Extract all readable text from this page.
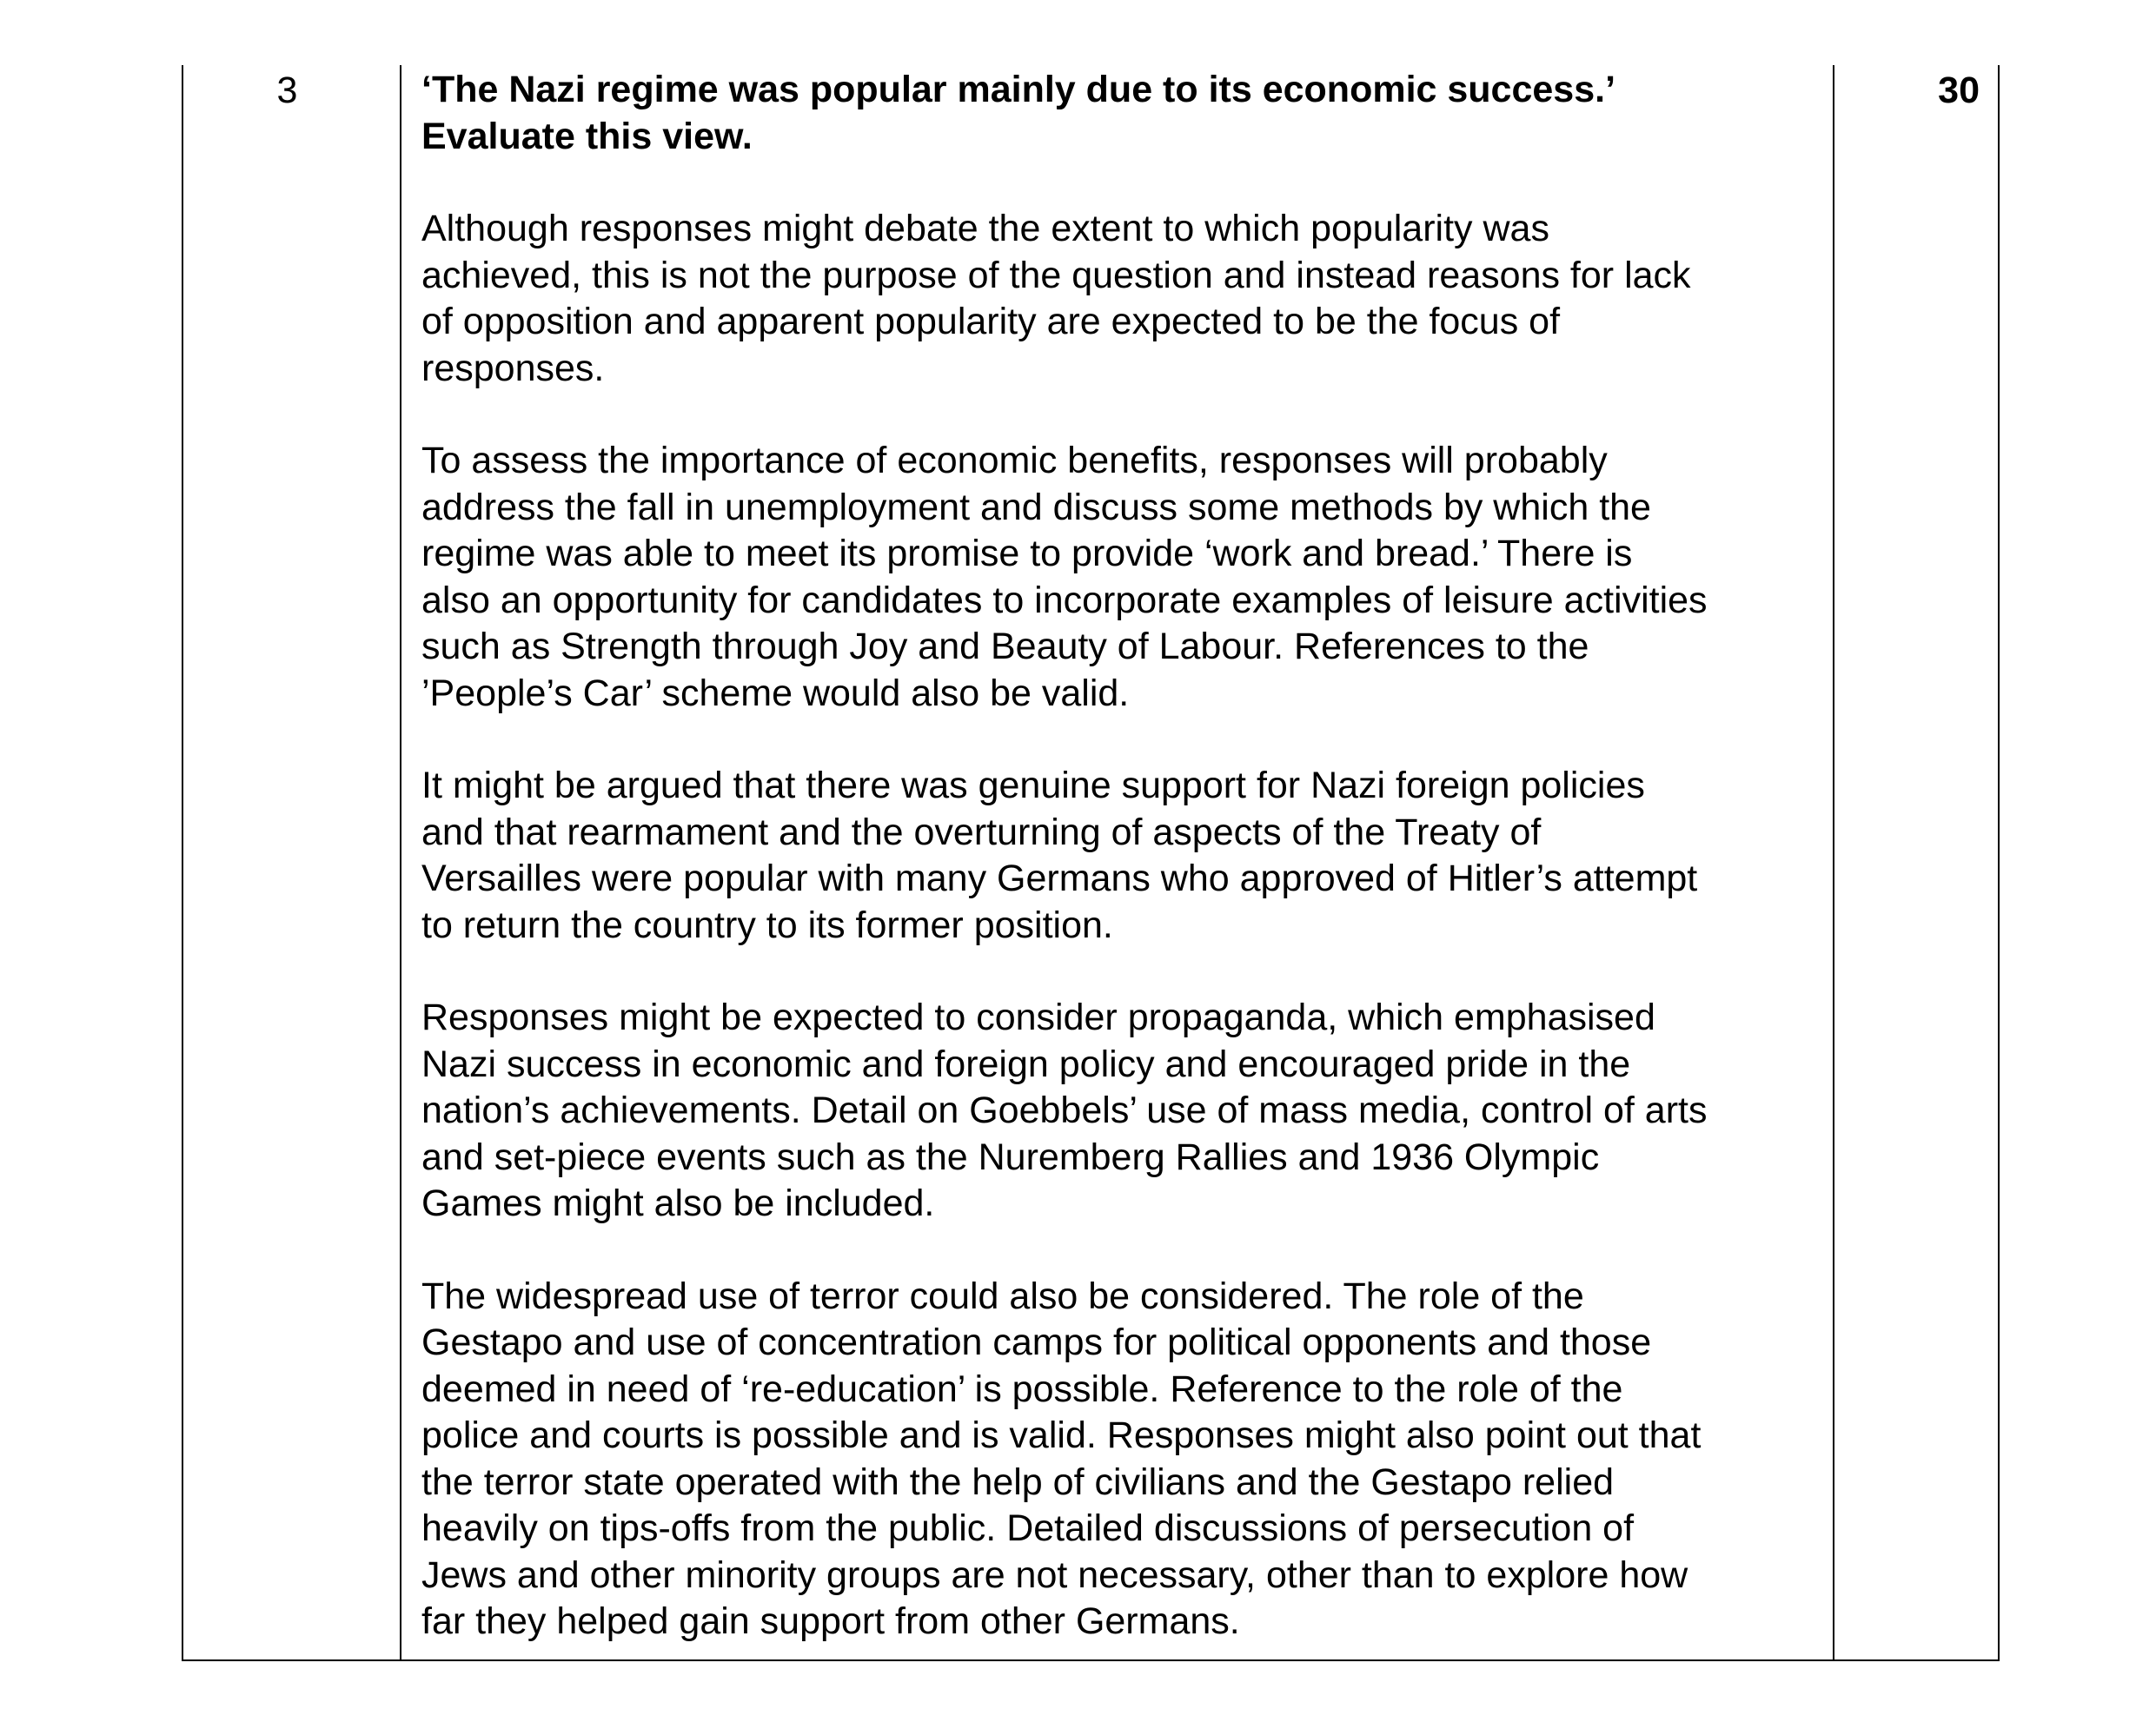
3	‘The Nazi regime was popular mainly due to its economic success.’
Evaluate this view.

Although responses might debate the extent to which popularity was
achieved, this is not the purpose of the question and instead reasons for lack
of opposition and apparent popularity are expected to be the focus of
responses.

To assess the importance of economic benefits, responses will probably
address the fall in unemployment and discuss some methods by which the
regime was able to meet its promise to provide ‘work and bread.’ There is
also an opportunity for candidates to incorporate examples of leisure activities
such as Strength through Joy and Beauty of Labour. References to the
’People’s Car’ scheme would also be valid.

It might be argued that there was genuine support for Nazi foreign policies
and that rearmament and the overturning of aspects of the Treaty of
Versailles were popular with many Germans who approved of Hitler’s attempt
to return the country to its former position.

Responses might be expected to consider propaganda, which emphasised
Nazi success in economic and foreign policy and encouraged pride in the
nation’s achievements. Detail on Goebbels’ use of mass media, control of arts
and set-piece events such as the Nuremberg Rallies and 1936 Olympic
Games might also be included.

The widespread use of terror could also be considered. The role of the
Gestapo and use of concentration camps for political opponents and those
deemed in need of ‘re-education’ is possible. Reference to the role of the
police and courts is possible and is valid. Responses might also point out that
the terror state operated with the help of civilians and the Gestapo relied
heavily on tips-offs from the public. Detailed discussions of persecution of
Jews and other minority groups are not necessary, other than to explore how
far they helped gain support from other Germans.

30
